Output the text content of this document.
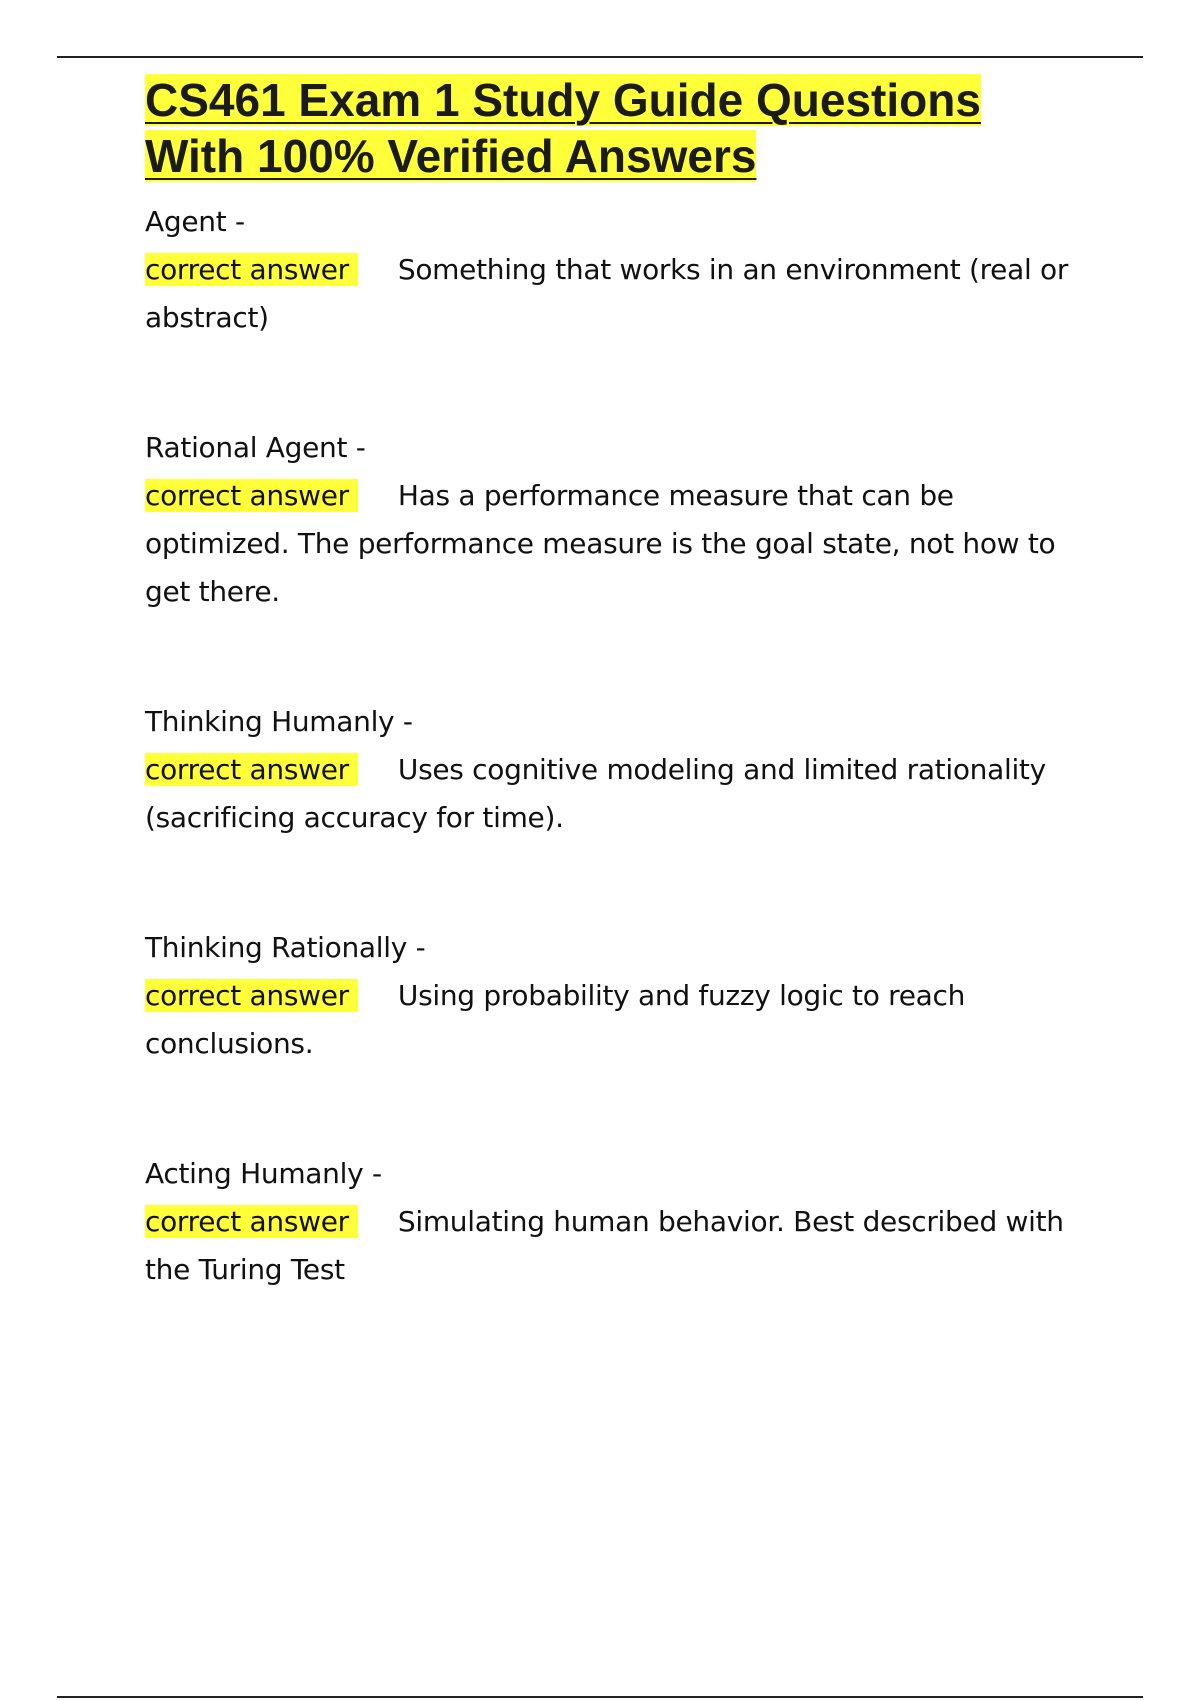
CS461 Exam 1 Study Guide Questions
With 100% Verified Answers
Agent -
correct answer Something that works in an environment (real or abstract)
Rational Agent -
correct answer Has a performance measure that can be optimized. The performance measure is the goal state, not how to get there.
Thinking Humanly -
correct answer Uses cognitive modeling and limited rationality (sacrificing accuracy for time).
Thinking Rationally -
correct answer Using probability and fuzzy logic to reach conclusions.
Acting Humanly -
correct answer Simulating human behavior. Best described with the Turing Test
